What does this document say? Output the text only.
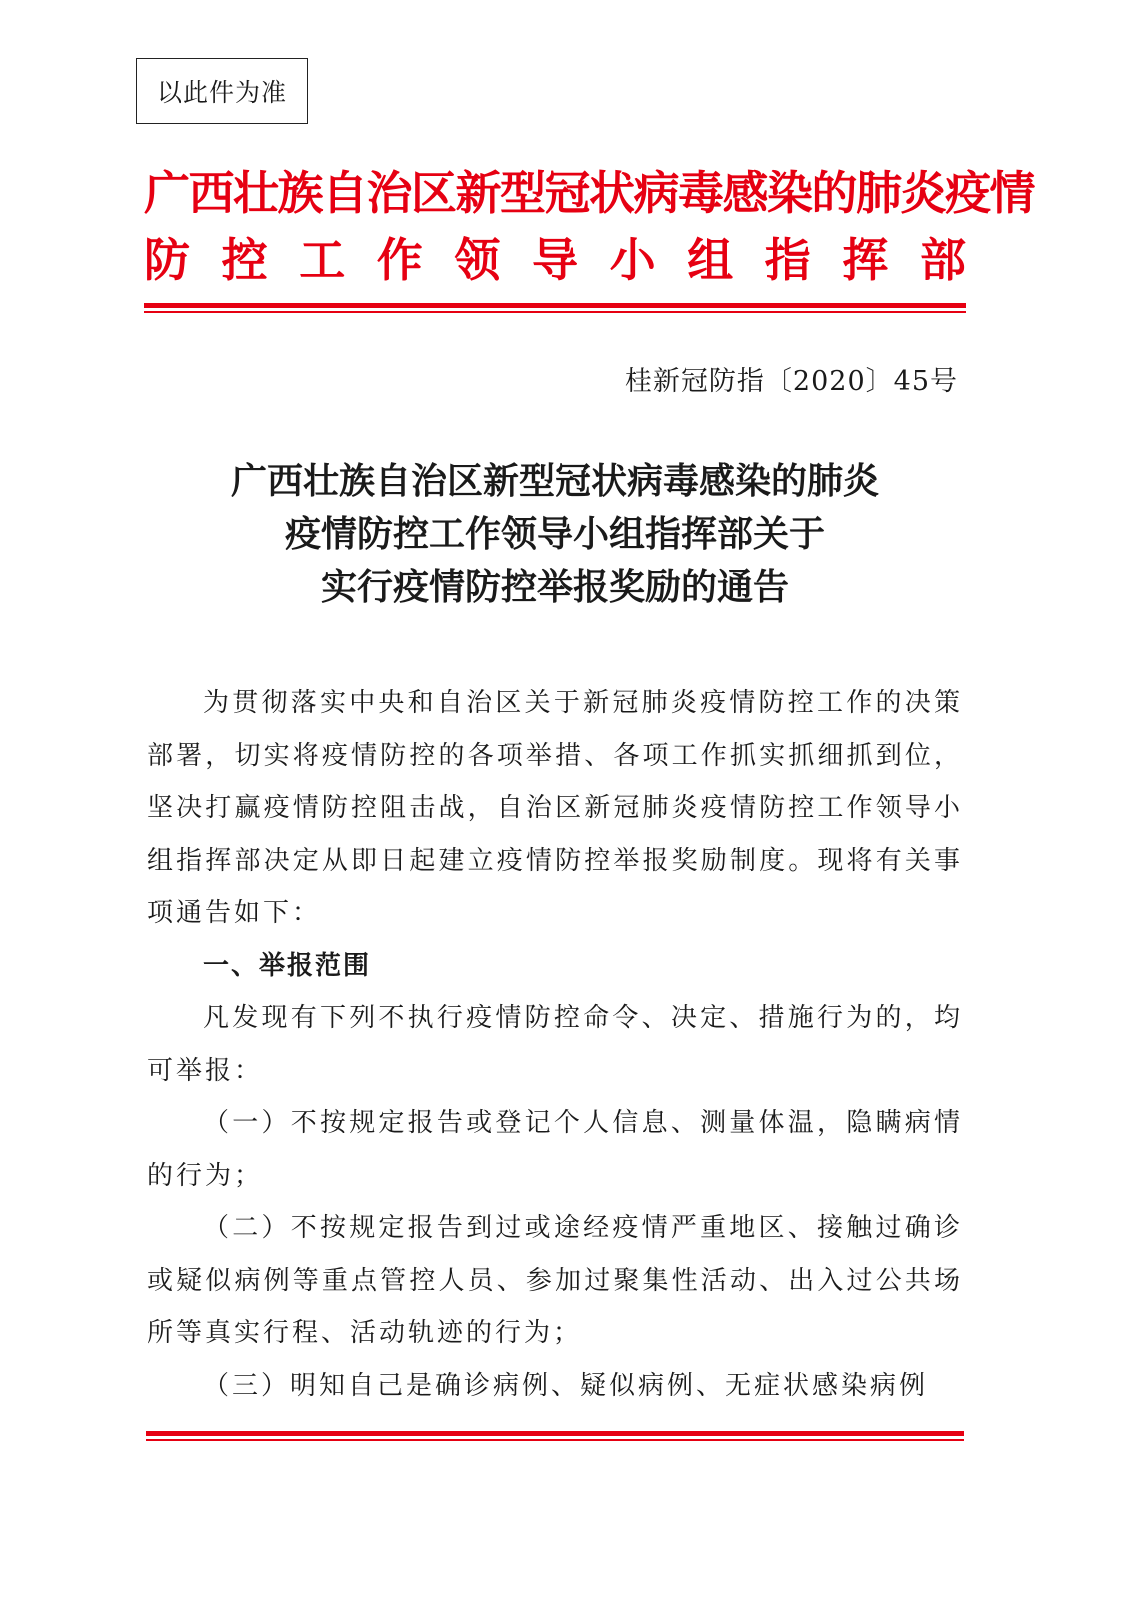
以此件为准
广西壮族自治区新型冠状病毒感染的肺炎疫情
防控工作领导小组指挥部
桂新冠防指〔2020〕45号
广西壮族自治区新型冠状病毒感染的肺炎
疫情防控工作领导小组指挥部关于
实行疫情防控举报奖励的通告

为贯彻落实中央和自治区关于新冠肺炎疫情防控工作的决策部署，切实将疫情防控的各项举措、各项工作抓实抓细抓到位，坚决打赢疫情防控阻击战，自治区新冠肺炎疫情防控工作领导小组指挥部决定从即日起建立疫情防控举报奖励制度。现将有关事项通告如下：

一、举报范围

凡发现有下列不执行疫情防控命令、决定、措施行为的，均可举报：

（一）不按规定报告或登记个人信息、测量体温，隐瞒病情的行为；

（二）不按规定报告到过或途经疫情严重地区、接触过确诊或疑似病例等重点管控人员、参加过聚集性活动、出入过公共场所等真实行程、活动轨迹的行为；

（三）明知自己是确诊病例、疑似病例、无症状感染病例
